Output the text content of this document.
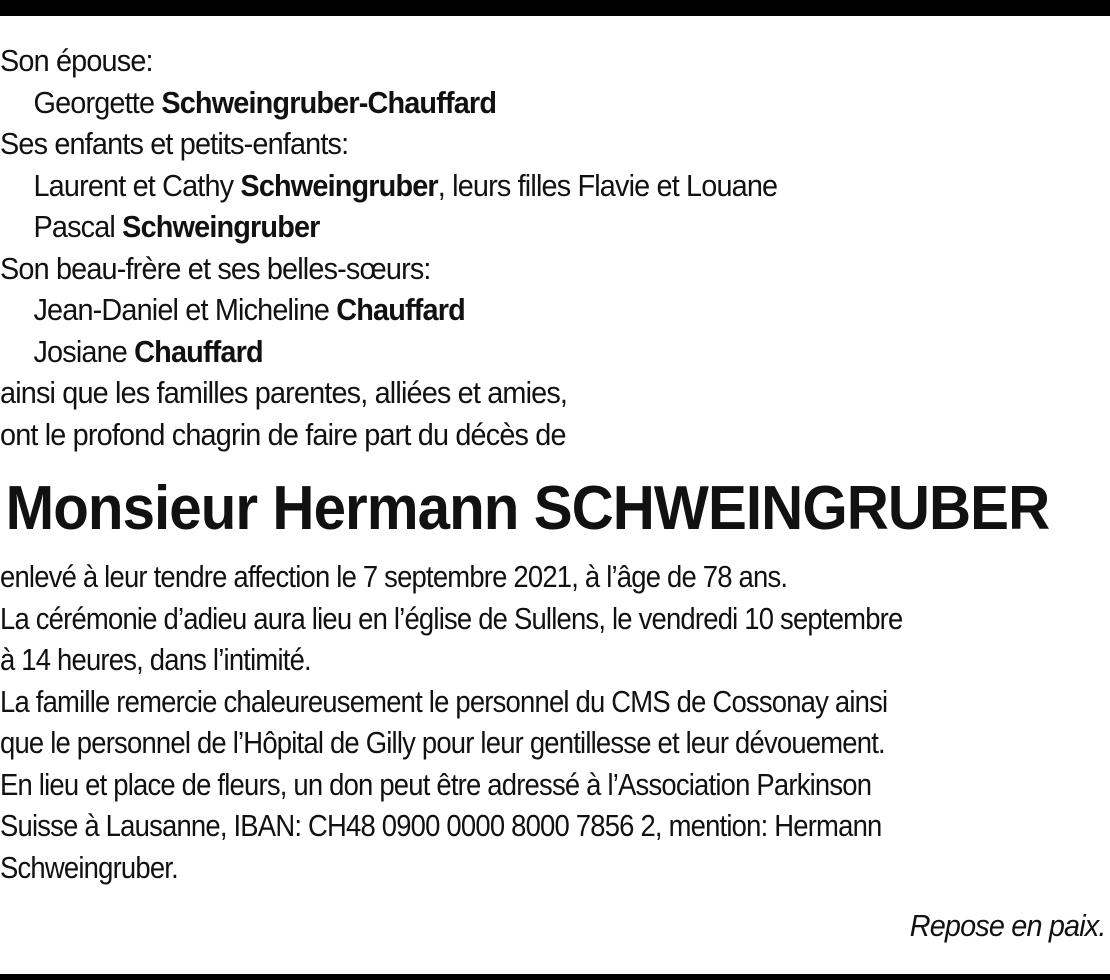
Son épouse:
Georgette Schweingruber-Chauffard
Ses enfants et petits-enfants:
Laurent et Cathy Schweingruber, leurs filles Flavie et Louane
Pascal Schweingruber
Son beau-frère et ses belles-sœurs:
Jean-Daniel et Micheline Chauffard
Josiane Chauffard
ainsi que les familles parentes, alliées et amies,
ont le profond chagrin de faire part du décès de
Monsieur Hermann SCHWEINGRUBER
enlevé à leur tendre affection le 7 septembre 2021, à l’âge de 78 ans.
La cérémonie d’adieu aura lieu en l’église de Sullens, le vendredi 10 septembre
à 14 heures, dans l’intimité.
La famille remercie chaleureusement le personnel du CMS de Cossonay ainsi
que le personnel de l’Hôpital de Gilly pour leur gentillesse et leur dévouement.
En lieu et place de fleurs, un don peut être adressé à l’Association Parkinson
Suisse à Lausanne, IBAN: CH48 0900 0000 8000 7856 2, mention: Hermann
Schweingruber.
Repose en paix.
